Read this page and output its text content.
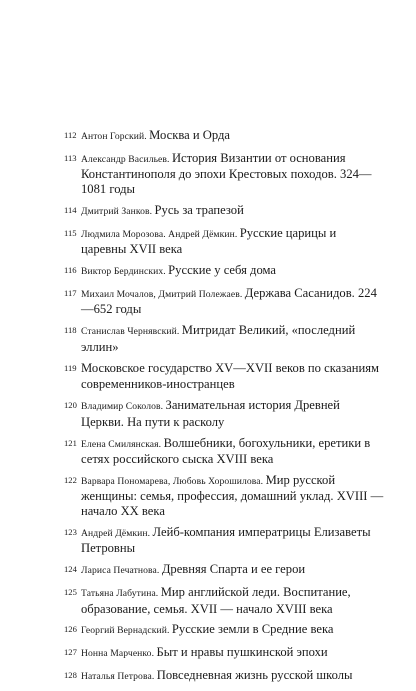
112 Антон Горский. Москва и Орда
113 Александр Васильев. История Византии от основания Константинополя до эпохи Крестовых походов. 324—1081 годы
114 Дмитрий Занков. Русь за трапезой
115 Людмила Морозова. Андрей Дёмкин. Русские царицы и царевны XVII века
116 Виктор Бердинских. Русские у себя дома
117 Михаил Мочалов, Дмитрий Полежаев. Держава Сасанидов. 224—652 годы
118 Станислав Чернявский. Митридат Великий, «последний эллин»
119 Московское государство XV—XVII веков по сказаниям современников-иностранцев
120 Владимир Соколов. Занимательная история Древней Церкви. На пути к расколу
121 Елена Смилянская. Волшебники, богохульники, еретики в сетях российского сыска XVIII века
122 Варвара Пономарева, Любовь Хорошилова. Мир русской женщины: семья, профессия, домашний уклад. XVIII — начало XX века
123 Андрей Дёмкин. Лейб-компания императрицы Елизаветы Петровны
124 Лариса Печатнова. Древняя Спарта и ее герои
125 Татьяна Лабутина. Мир английской леди. Воспитание, образование, семья. XVII — начало XVIII века
126 Георгий Вернадский. Русские земли в Средние века
127 Нонна Марченко. Быт и нравы пушкинской эпохи
128 Наталья Петрова. Повседневная жизнь русской школы
